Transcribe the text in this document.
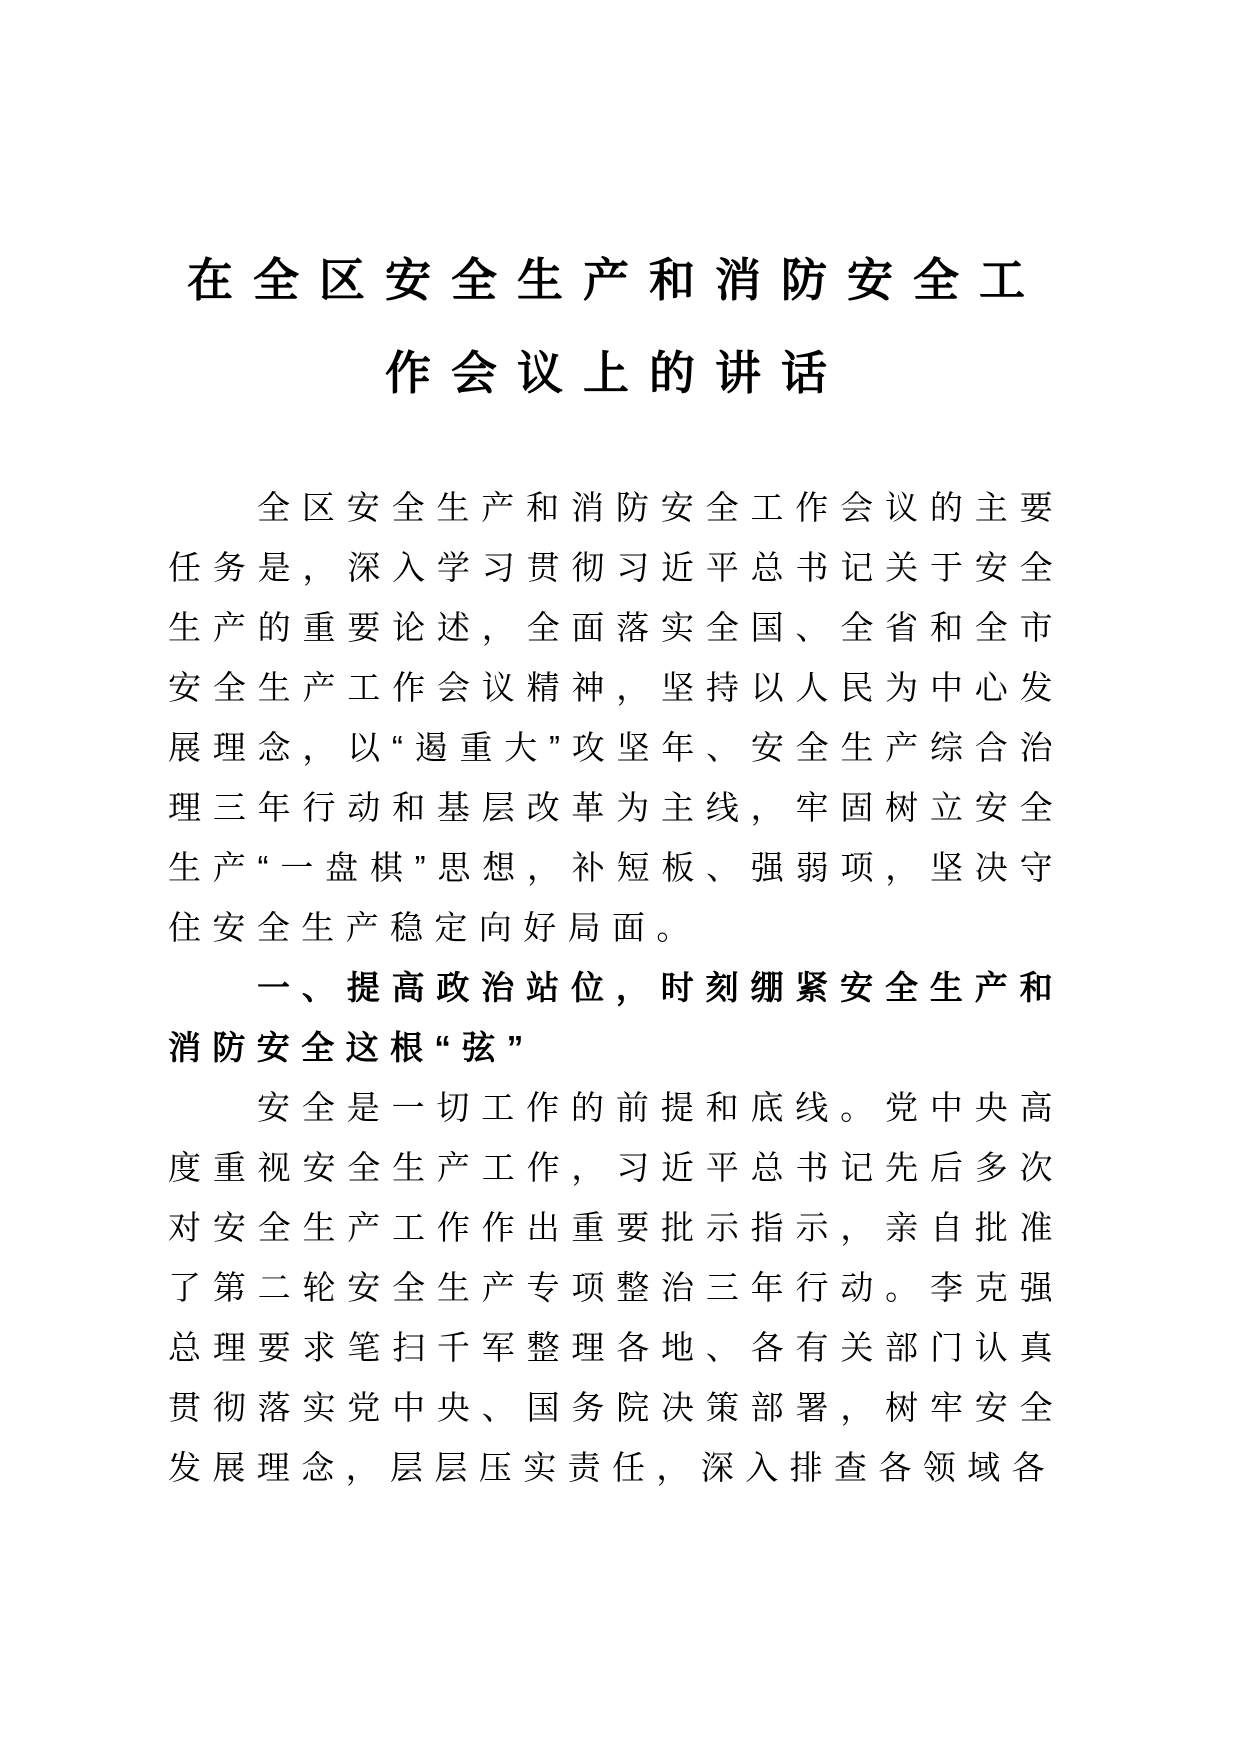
在全区安全生产和消防安全工作会议上的讲话

全区安全生产和消防安全工作会议的主要任务是，深入学习贯彻习近平总书记关于安全生产的重要论述，全面落实全国、全省和全市安全生产工作会议精神，坚持以人民为中心发展理念，以“遏重大”攻坚年、安全生产综合治理三年行动和基层改革为主线，牢固树立安全生产“一盘棋”思想，补短板、强弱项，坚决守住安全生产稳定向好局面。

一、提高政治站位，时刻绷紧安全生产和消防安全这根“弦”

安全是一切工作的前提和底线。党中央高度重视安全生产工作，习近平总书记先后多次对安全生产工作作出重要批示指示，亲自批准了第二轮安全生产专项整治三年行动。李克强总理要求笔扫千军整理各地、各有关部门认真贯彻落实党中央、国务院决策部署，树牢安全发展理念，层层压实责任，深入排查各领域各
